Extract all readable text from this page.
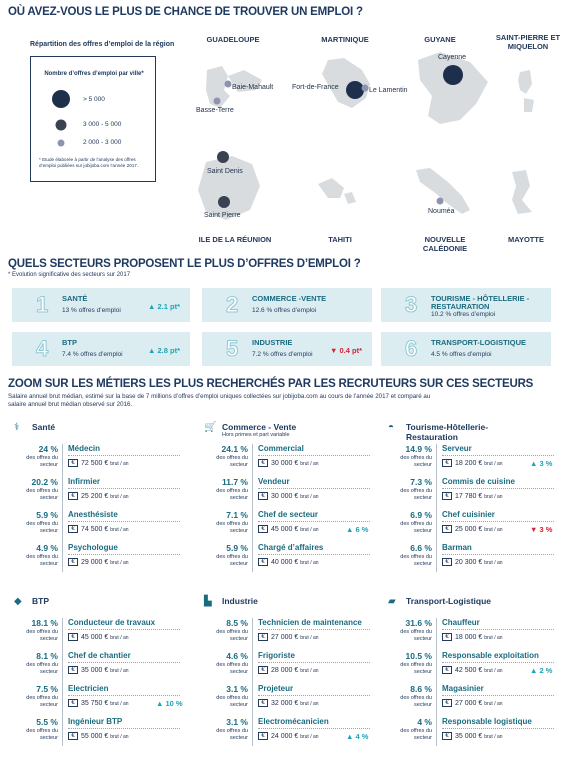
OÙ AVEZ-VOUS LE PLUS DE CHANCE DE TROUVER UN EMPLOI ?
Répartition des offres d’emploi de la région
Nombre d’offres d’emploi par ville*
> 5 000
3 000 - 5 000
2 000 - 3 000
* Etude élaborée à partir de l’analyse des offres d’emploi publiées sur jobijoba.com l’année 2017.
GUADELOUPE	MARTINIQUE	GUYANE	SAINT-PIERRE ET
MIQUELON
ILE DE LA RÉUNION	TAHITI	NOUVELLE
CALÉDONIE
MAYOTTE
Baie-Mahault
Basse-Terre
Fort-de-France	Le Lamentin
Cayenne
Saint Denis
Saint Pierre
Nouméa
QUELS SECTEURS PROPOSENT LE PLUS D’OFFRES D’EMPLOI ?
* Evolution significative des secteurs sur 2017
1 SANTÉ
13 % offres d’emploi	▲ 2.1 pt* 2 COMMERCE -VENTE
12.6 % offres d’emploi	3 TOURISME - HÔTELLERIE -
RESTAURATION
10.2 % offres d’emploi
4 BTP
7.4 % offres d’emploi	▲ 2.8 pt* 5 INDUSTRIE
7.2 % offres d’emploi ▼ 0.4 pt* 6 TRANSPORT-LOGISTIQUE
4.5 % offres d’emploi
ZOOM SUR LES MÉTIERS LES PLUS RECHERCHÉS PAR LES RECRUTEURS SUR CES SECTEURS
Salaire annuel brut médian, estimé sur la base de 7 millions d’offres d’emploi uniques collectées sur jobijoba.com au cours de l’année 2017 et comparé au
salaire annuel brut médian observé sur 2016.
⚕ Santé
24 %
des offres du secteur
Médecin
€ 72 500 € brut / an
20.2 %
des offres du secteur
Infirmier
€ 25 200 € brut / an
5.9 %
des offres du secteur
Anesthésiste
€ 74 500 € brut / an
4.9 %
des offres du secteur
Psychologue
€ 29 000 € brut / an
🛒 Commerce - Vente
Hors primes et part variable
24.1 %
des offres du secteur
Commercial
€ 30 000 € brut / an
11.7 %
des offres du secteur
Vendeur
€ 30 000 € brut / an
7.1 %
des offres du secteur
Chef de secteur
€ 45 000 € brut / an	▲ 6 %
5.9 %
des offres du secteur
Chargé d’affaires
€ 40 000 € brut / an
◓ Tourisme-Hôtellerie-
Restauration
14.9 %
des offres du secteur
Serveur
€ 18 200 € brut / an	▲ 3 %
7.3 %
des offres du secteur
Commis de cuisine
€ 17 780 € brut / an
6.9 %
des offres du secteur
Chef cuisinier
€ 25 000 € brut / an	▼ 3 %
6.6 %
des offres du secteur
Barman
€ 20 300 € brut / an
◆ BTP
18.1 %
des offres du secteur
Conducteur de travaux
€ 45 000 € brut / an
8.1 %
des offres du secteur
Chef de chantier
€ 35 000 € brut / an
7.5 %
des offres du secteur
Electricien
€ 35 750 € brut / an	▲ 10 %
5.5 %
des offres du secteur
Ingénieur BTP
€ 55 000 € brut / an
▙ Industrie
8.5 %
des offres du secteur
Technicien de maintenance
€ 27 000 € brut / an
4.6 %
des offres du secteur
Frigoriste
€ 28 000 € brut / an
3.1 %
des offres du secteur
Projeteur
€ 32 000 € brut / an
3.1 %
des offres du secteur
Electromécanicien
€ 24 000 € brut / an	▲ 4 %
▰ Transport-Logistique
31.6 %
des offres du secteur
Chauffeur
€ 18 000 € brut / an
10.5 %
des offres du secteur
Responsable exploitation
€ 42 500 € brut / an	▲ 2 %
8.6 %
des offres du secteur
Magasinier
€ 27 000 € brut / an
4 %
des offres du secteur
Responsable logistique
€ 35 000 € brut / an
